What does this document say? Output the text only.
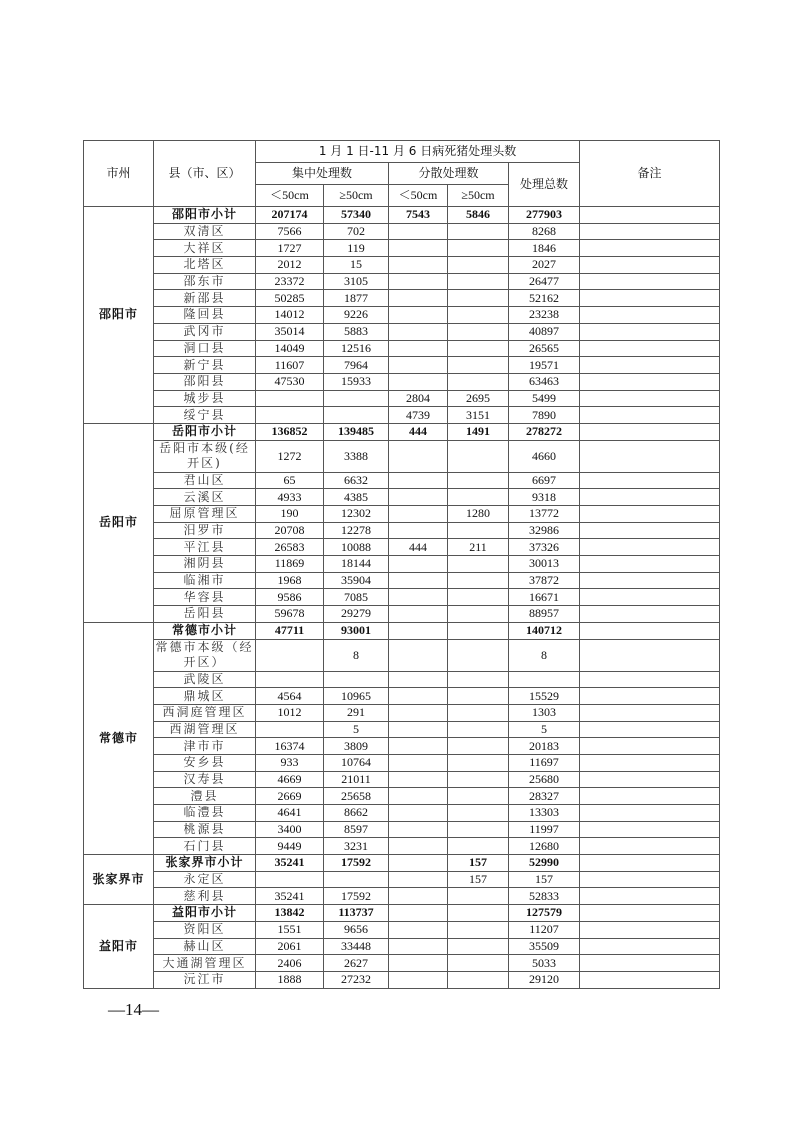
市州	县（市、区）	1 月 1 日-11 月 6 日病死猪处理头数					备注
		集中处理数		分散处理数		处理总数	
		＜50cm	≥50cm	＜50cm	≥50cm		
邵阳市	邵阳市小计	207174	57340	7543	5846	277903	
	双清区	7566	702			8268	
	大祥区	1727	119			1846	
	北塔区	2012	15			2027	
	邵东市	23372	3105			26477	
	新邵县	50285	1877			52162	
	隆回县	14012	9226			23238	
	武冈市	35014	5883			40897	
	洞口县	14049	12516			26565	
	新宁县	11607	7964			19571	
	邵阳县	47530	15933			63463	
	城步县			2804	2695	5499	
	绥宁县			4739	3151	7890	
岳阳市	岳阳市小计	136852	139485	444	1491	278272	
	岳阳市本级(经开区)	1272	3388			4660	
	君山区	65	6632			6697	
	云溪区	4933	4385			9318	
	屈原管理区	190	12302		1280	13772	
	汨罗市	20708	12278			32986	
	平江县	26583	10088	444	211	37326	
	湘阴县	11869	18144			30013	
	临湘市	1968	35904			37872	
	华容县	9586	7085			16671	
	岳阳县	59678	29279			88957	
常德市	常德市小计	47711	93001			140712	
	常德市本级（经开区）		8			8	
	武陵区						
	鼎城区	4564	10965			15529	
	西洞庭管理区	1012	291			1303	
	西湖管理区		5			5	
	津市市	16374	3809			20183	
	安乡县	933	10764			11697	
	汉寿县	4669	21011			25680	
	澧县	2669	25658			28327	
	临澧县	4641	8662			13303	
	桃源县	3400	8597			11997	
	石门县	9449	3231			12680	
张家界市	张家界市小计	35241	17592		157	52990	
	永定区				157	157	
	慈利县	35241	17592			52833	
益阳市	益阳市小计	13842	113737			127579	
	资阳区	1551	9656			11207	
	赫山区	2061	33448			35509	
	大通湖管理区	2406	2627			5033	
	沅江市	1888	27232			29120	
—14—
